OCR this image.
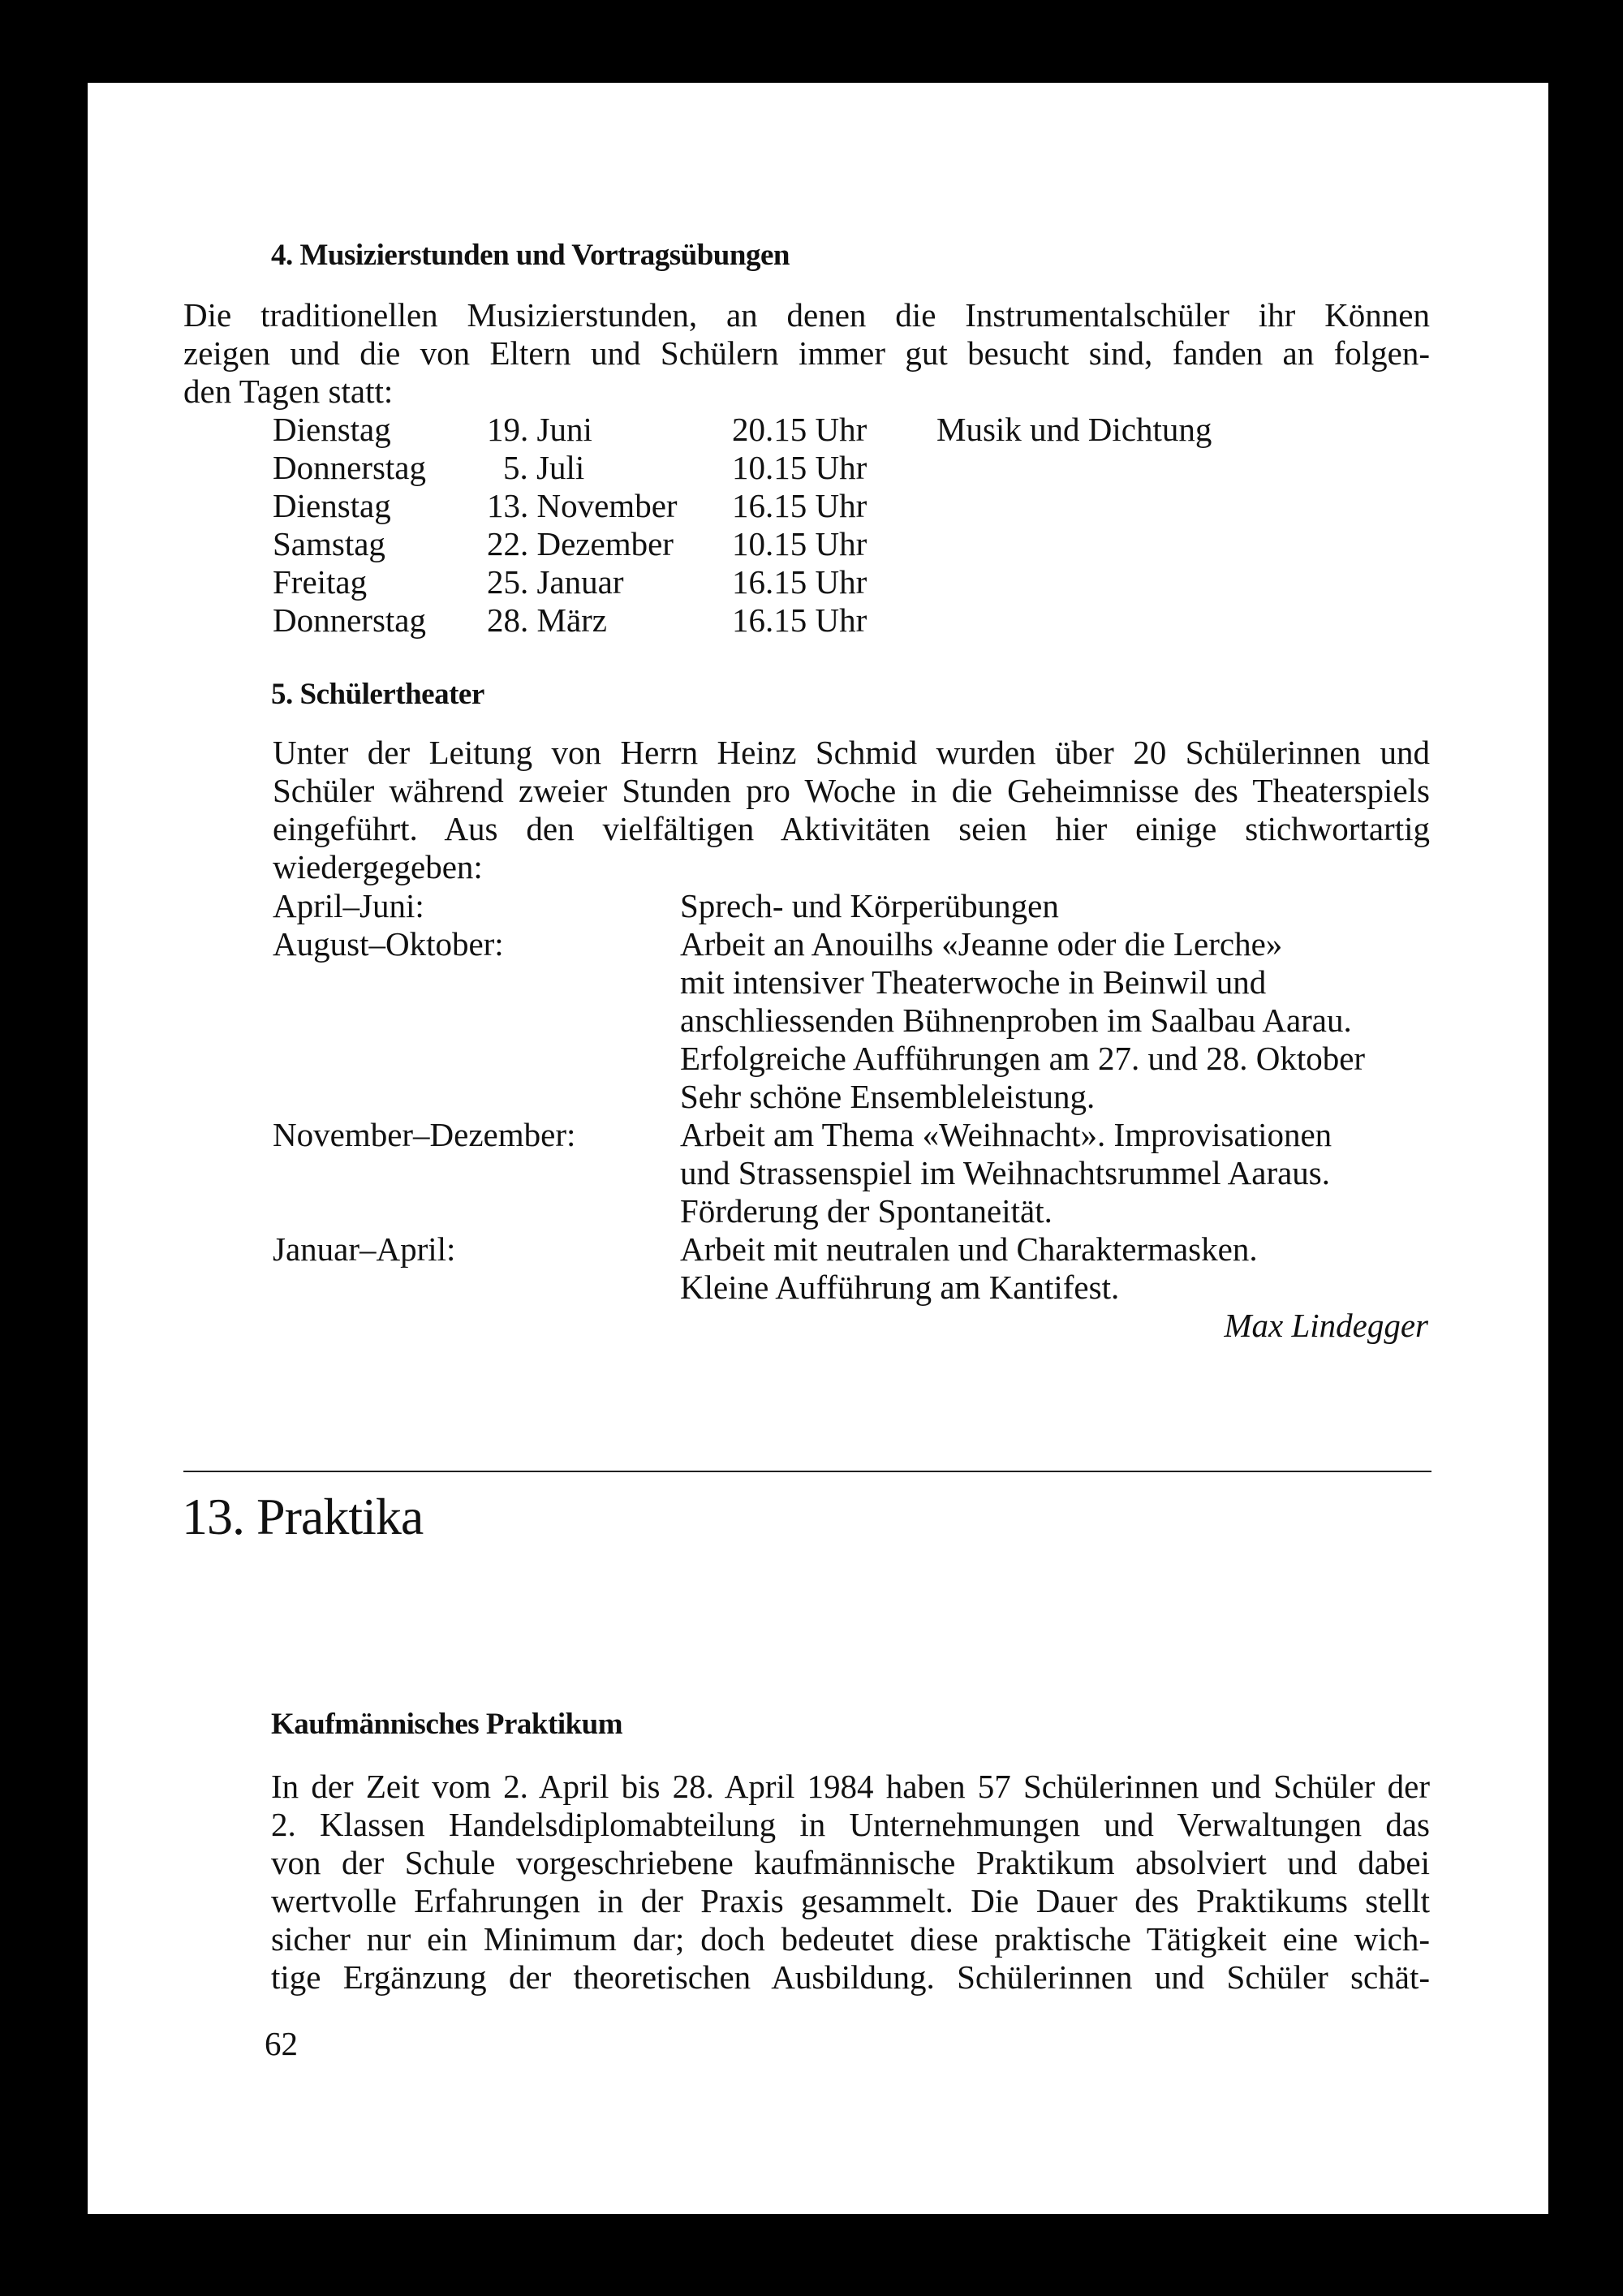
4. Musizierstunden und Vortragsübungen
Die traditionellen Musizierstunden, an denen die Instrumentalschüler ihr Können
zeigen und die von Eltern und Schülern immer gut besucht sind, fanden an folgen-
den Tagen statt:
Dienstag	19. Juni	20.15 Uhr Musik und Dichtung
Donnerstag 5. Juli	10.15 Uhr
Dienstag	13. November 16.15 Uhr
Samstag	22. Dezember 10.15 Uhr
Freitag	25. Januar	16.15 Uhr
Donnerstag 28. März	16.15 Uhr
5. Schülertheater
Unter der Leitung von Herrn Heinz Schmid wurden über 20 Schülerinnen und
Schüler während zweier Stunden pro Woche in die Geheimnisse des Theaterspiels
eingeführt. Aus den vielfältigen Aktivitäten seien hier einige stichwortartig
wiedergegeben:
April–Juni:	Sprech- und Körperübungen
August–Oktober:	Arbeit an Anouilhs «Jeanne oder die Lerche»
mit intensiver Theaterwoche in Beinwil und
anschliessenden Bühnenproben im Saalbau Aarau.
Erfolgreiche Aufführungen am 27. und 28. Oktober
Sehr schöne Ensembleleistung.
November–Dezember:	Arbeit am Thema «Weihnacht». Improvisationen
und Strassenspiel im Weihnachtsrummel Aaraus.
Förderung der Spontaneität.
Januar–April:	Arbeit mit neutralen und Charaktermasken.
Kleine Aufführung am Kantifest.
Max Lindegger
13. Praktika
Kaufmännisches Praktikum
In der Zeit vom 2. April bis 28. April 1984 haben 57 Schülerinnen und Schüler der
2. Klassen Handelsdiplomabteilung in Unternehmungen und Verwaltungen das
von der Schule vorgeschriebene kaufmännische Praktikum absolviert und dabei
wertvolle Erfahrungen in der Praxis gesammelt. Die Dauer des Praktikums stellt
sicher nur ein Minimum dar; doch bedeutet diese praktische Tätigkeit eine wich-
tige Ergänzung der theoretischen Ausbildung. Schülerinnen und Schüler schät-
62
